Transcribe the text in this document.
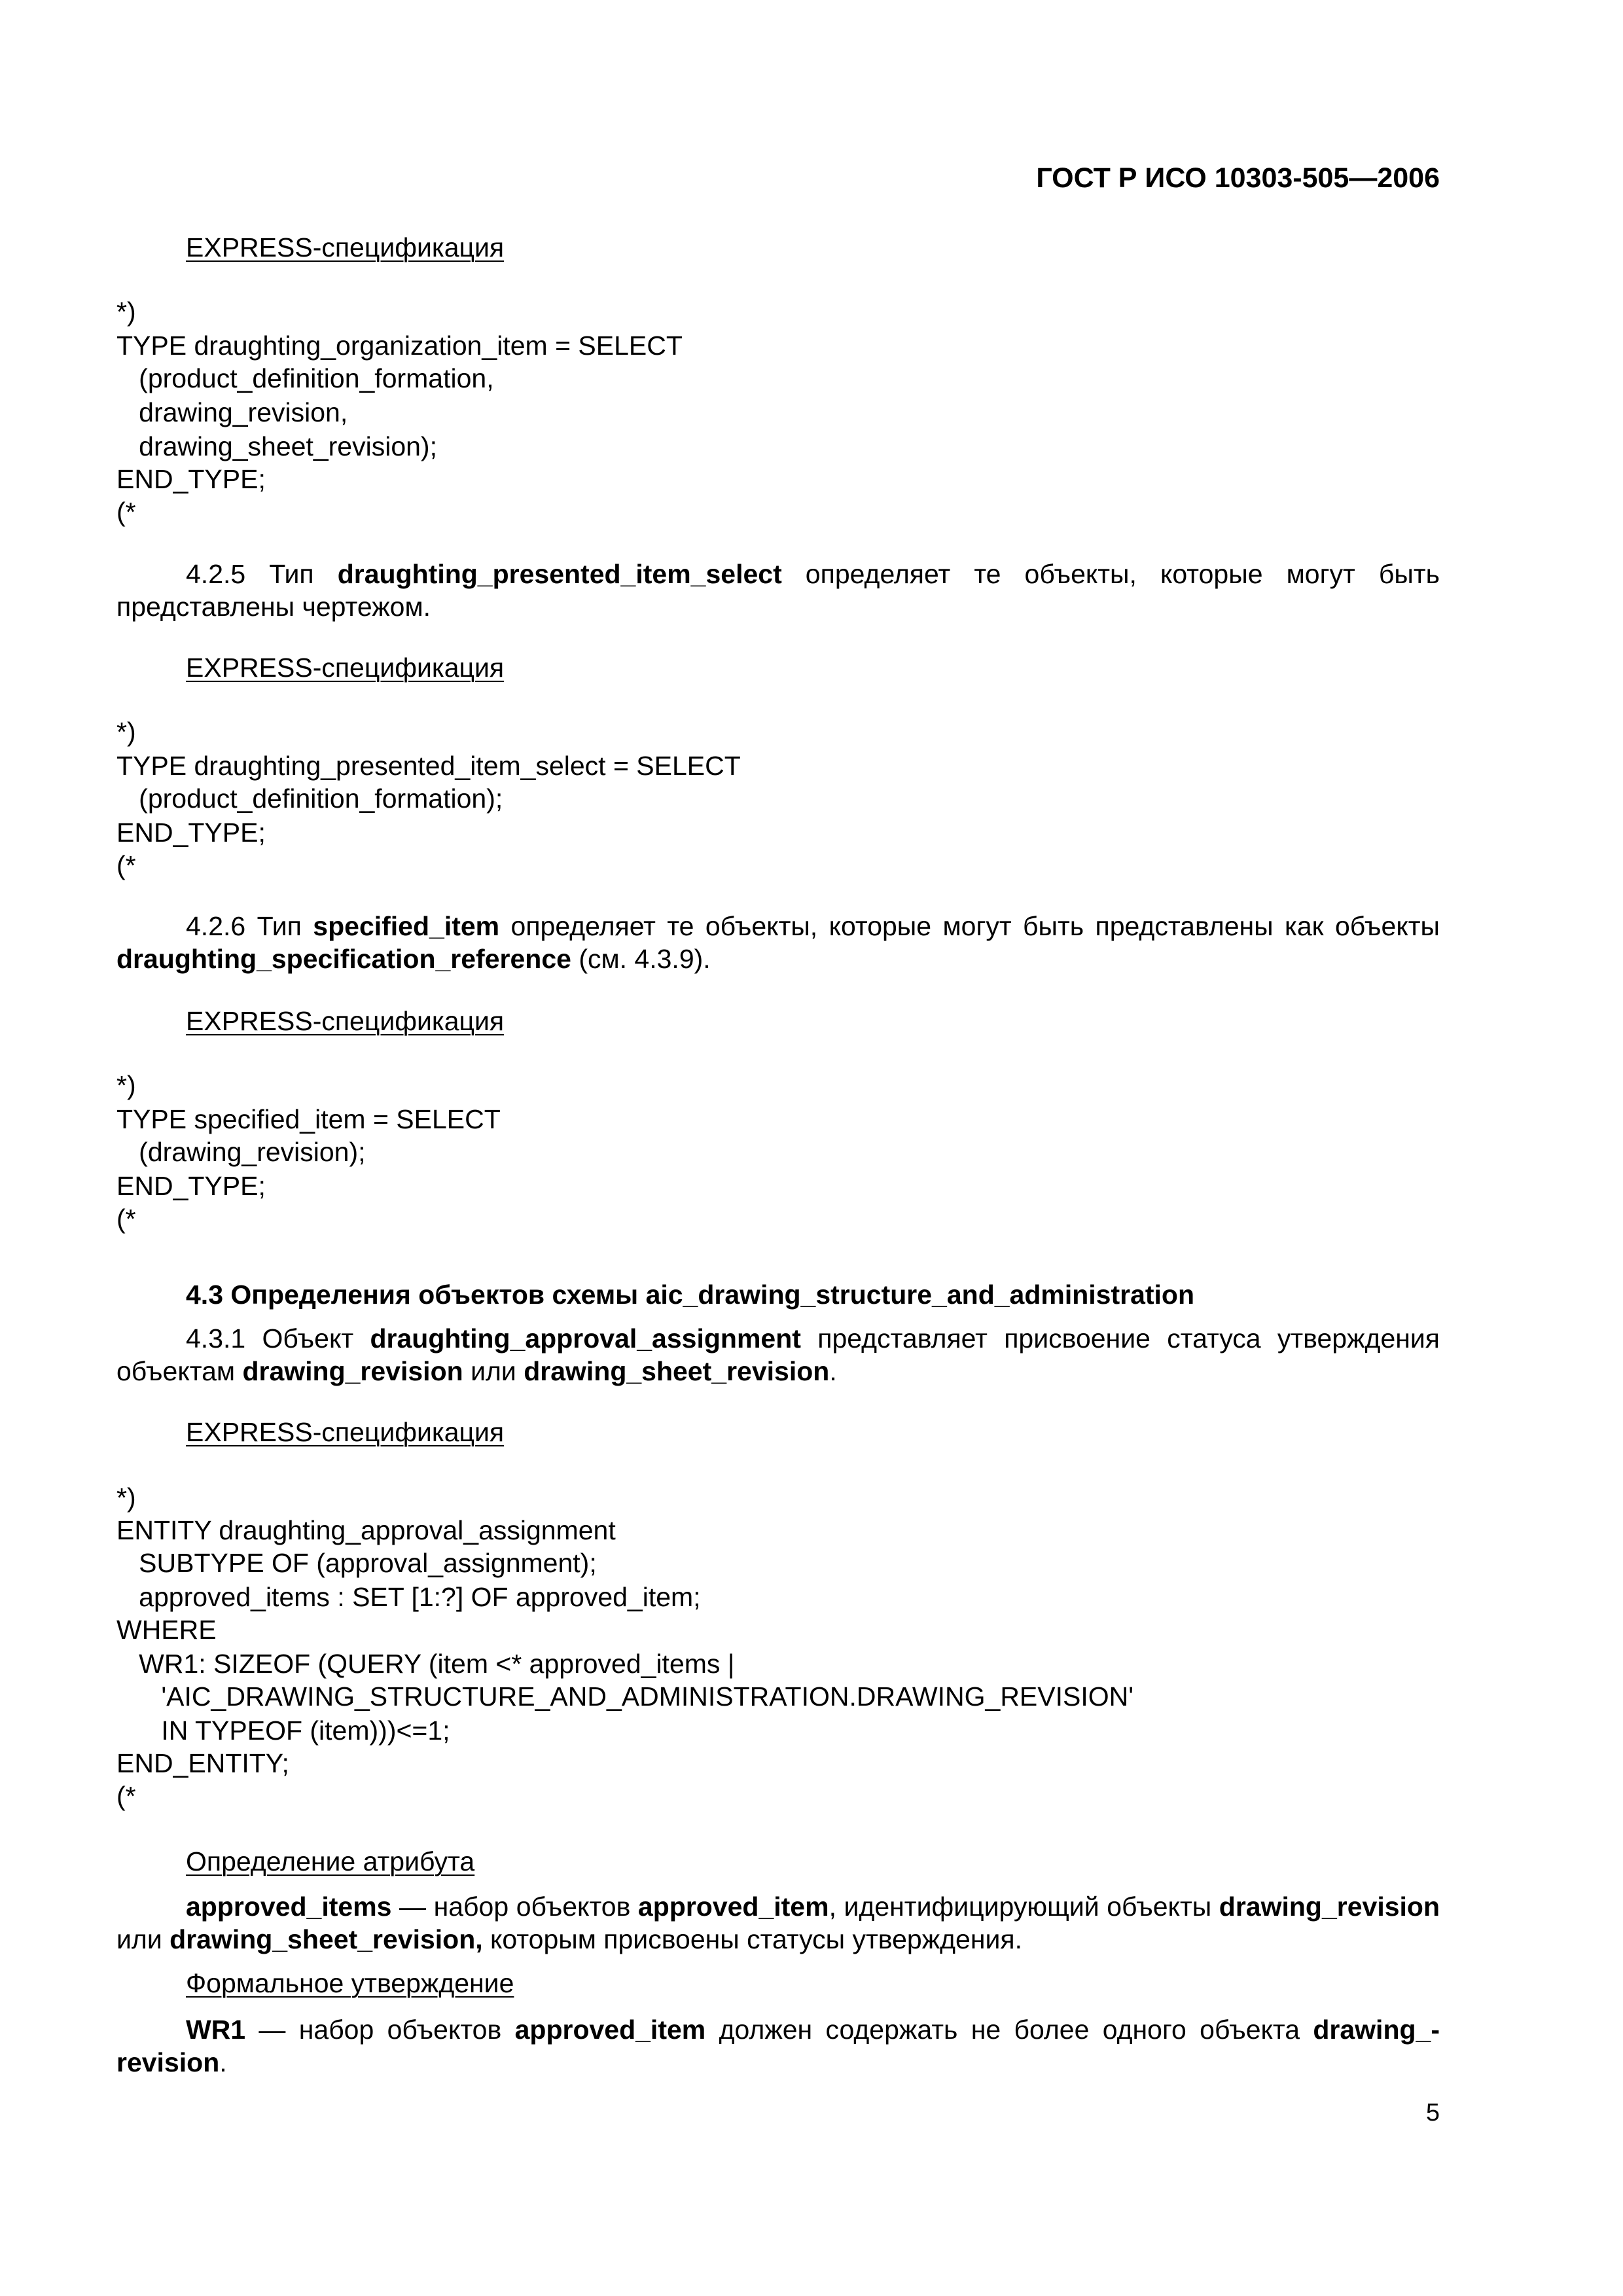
ГОСТ Р ИСО 10303-505—2006
EXPRESS-спецификация
*)
TYPE draughting_organization_item = SELECT
(product_definition_formation,
drawing_revision,
drawing_sheet_revision);
END_TYPE;
(*
4.2.5 Тип draughting_presented_item_select определяет те объекты, которые могут быть представлены чертежом.
EXPRESS-спецификация
*)
TYPE draughting_presented_item_select = SELECT
(product_definition_formation);
END_TYPE;
(*
4.2.6 Тип specified_item определяет те объекты, которые могут быть представлены как объекты draughting_specification_reference (см. 4.3.9).
EXPRESS-спецификация
*)
TYPE specified_item = SELECT
(drawing_revision);
END_TYPE;
(*
4.3 Определения объектов схемы aic_drawing_structure_and_administration
4.3.1 Объект draughting_approval_assignment представляет присвоение статуса утверждения объектам drawing_revision или drawing_sheet_revision.
EXPRESS-спецификация
*)
ENTITY draughting_approval_assignment
SUBTYPE OF (approval_assignment);
approved_items : SET [1:?] OF approved_item;
WHERE
WR1: SIZEOF (QUERY (item <* approved_items |
'AIC_DRAWING_STRUCTURE_AND_ADMINISTRATION.DRAWING_REVISION'
IN TYPEOF (item)))<=1;
END_ENTITY;
(*
Определение атрибута
approved_items — набор объектов approved_item, идентифицирующий объекты drawing_revision или drawing_sheet_revision, которым присвоены статусы утверждения.
Формальное утверждение
WR1 — набор объектов approved_item должен содержать не более одного объекта drawing_-revision.
5
